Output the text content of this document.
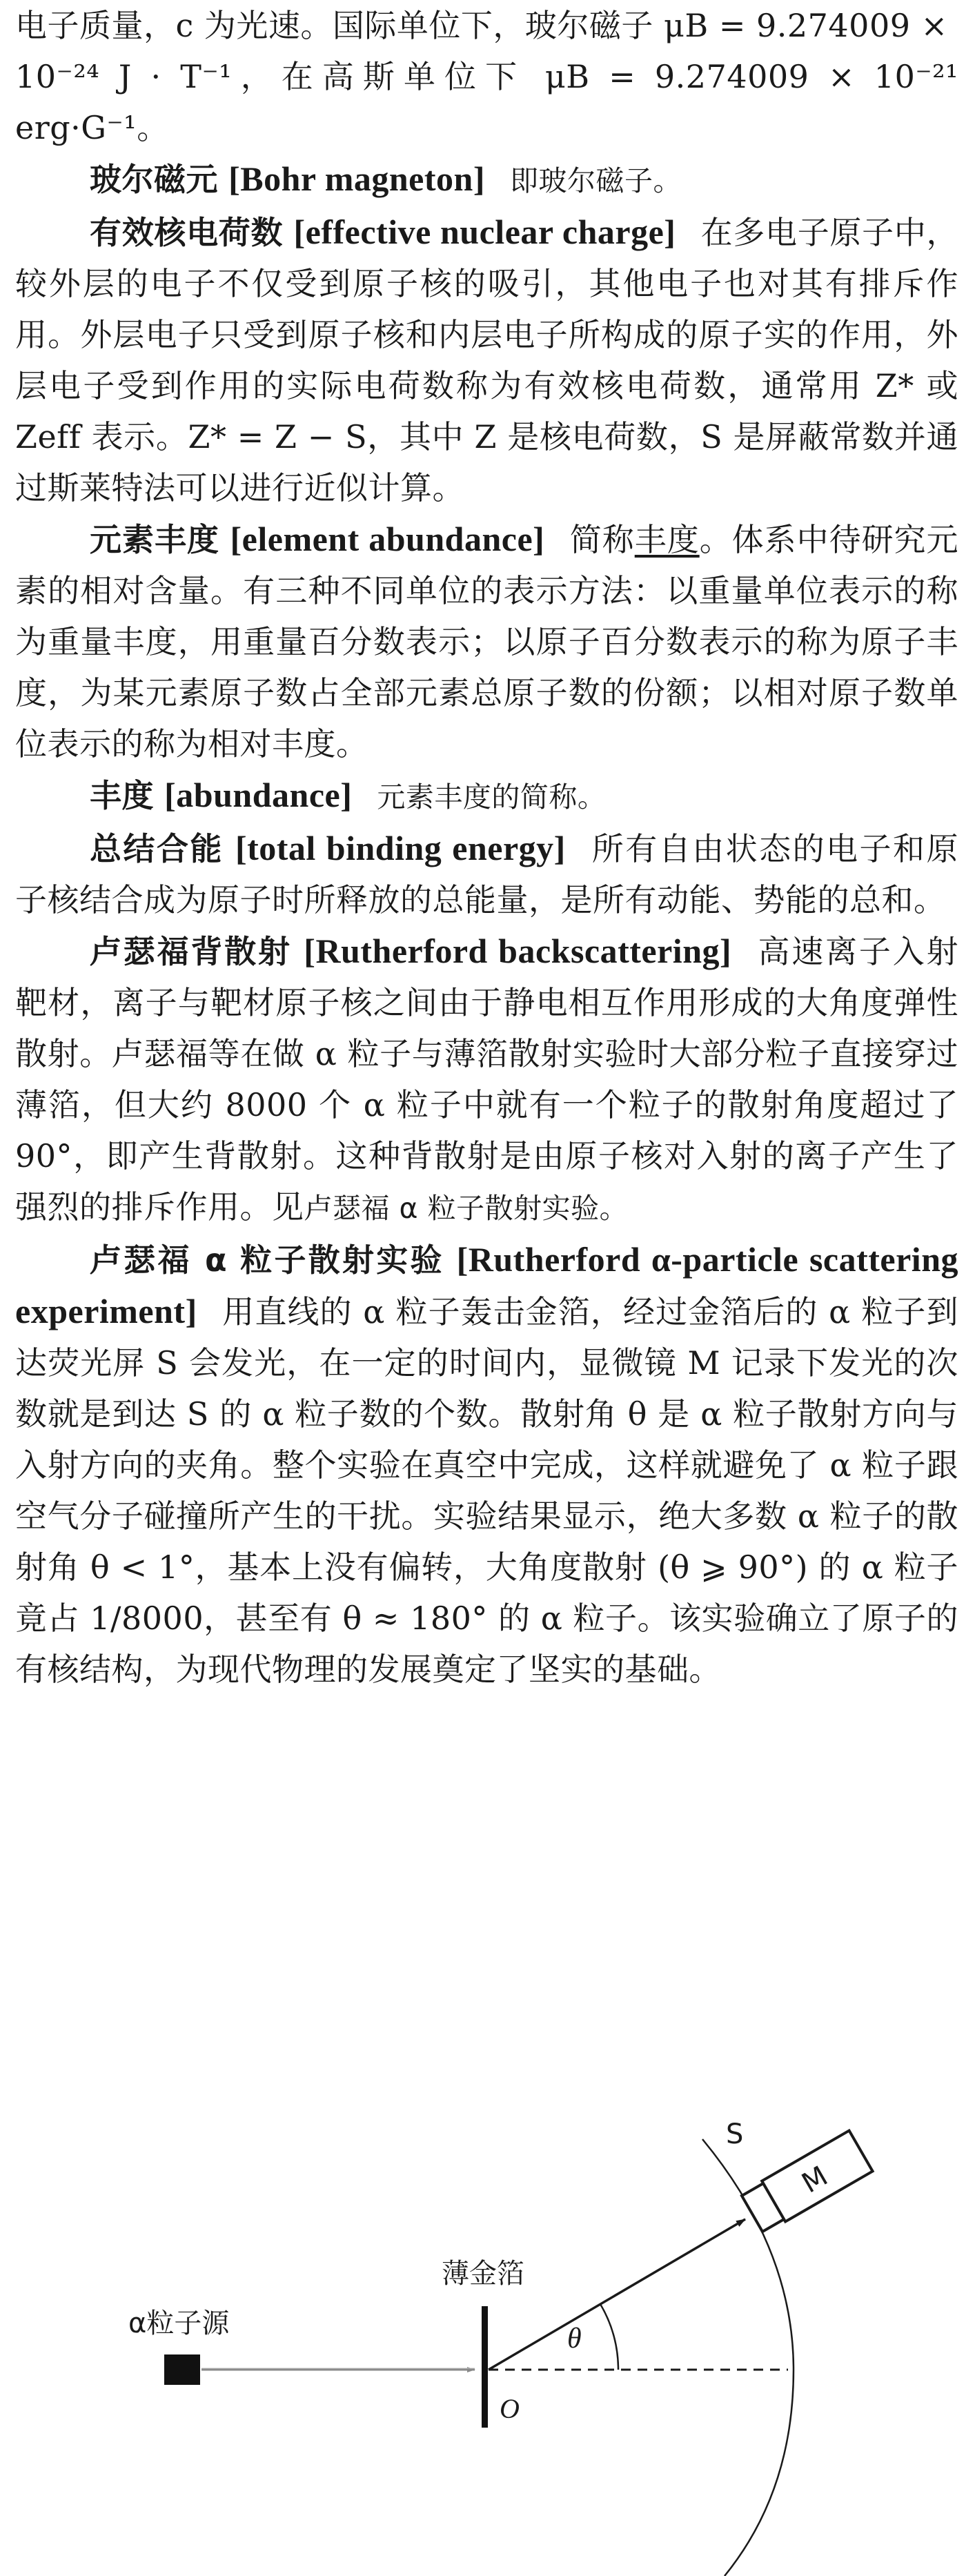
电子质量，c 为光速。国际单位下，玻尔磁子 μB = 9.274009 ×
10⁻²⁴ J · T⁻¹，在高斯单位下 μB = 9.274009 × 10⁻²¹ erg·G⁻¹。

玻尔磁元 [Bohr magneton] 即玻尔磁子。

有效核电荷数 [effective nuclear charge] 在多电子原子中，较外层的电子不仅受到原子核的吸引，其他电子也对其有排斥作用。外层电子只受到原子核和内层电子所构成的原子实的作用，外层电子受到作用的实际电荷数称为有效核电荷数，通常用 Z* 或 Zeff 表示。Z* = Z − S，其中 Z 是核电荷数，S 是屏蔽常数并通过斯莱特法可以进行近似计算。

元素丰度 [element abundance] 简称丰度。体系中待研究元素的相对含量。有三种不同单位的表示方法：以重量单位表示的称为重量丰度，用重量百分数表示；以原子百分数表示的称为原子丰度，为某元素原子数占全部元素总原子数的份额；以相对原子数单位表示的称为相对丰度。

丰度 [abundance] 元素丰度的简称。

总结合能 [total binding energy] 所有自由状态的电子和原子核结合成为原子时所释放的总能量，是所有动能、势能的总和。

卢瑟福背散射 [Rutherford backscattering] 高速离子入射靶材，离子与靶材原子核之间由于静电相互作用形成的大角度弹性散射。卢瑟福等在做 α 粒子与薄箔散射实验时大部分粒子直接穿过薄箔，但大约 8000 个 α 粒子中就有一个粒子的散射角度超过了 90°，即产生背散射。这种背散射是由原子核对入射的离子产生了强烈的排斥作用。见卢瑟福 α 粒子散射实验。

卢瑟福 α 粒子散射实验 [Rutherford α-particle scattering experiment] 用直线的 α 粒子轰击金箔，经过金箔后的 α 粒子到达荧光屏 S 会发光，在一定的时间内，显微镜 M 记录下发光的次数就是到达 S 的 α 粒子数的个数。散射角 θ 是 α 粒子散射方向与入射方向的夹角。整个实验在真空中完成，这样就避免了 α 粒子跟空气分子碰撞所产生的干扰。实验结果显示，绝大多数 α 粒子的散射角 θ < 1°，基本上没有偏转，大角度散射 (θ ⩾ 90°) 的 α 粒子竟占 1/8000，甚至有 θ ≈ 180° 的 α 粒子。该实验确立了原子的有核结构，为现代物理的发展奠定了坚实的基础。

α粒子源
薄金箔
O
θ
S
M
